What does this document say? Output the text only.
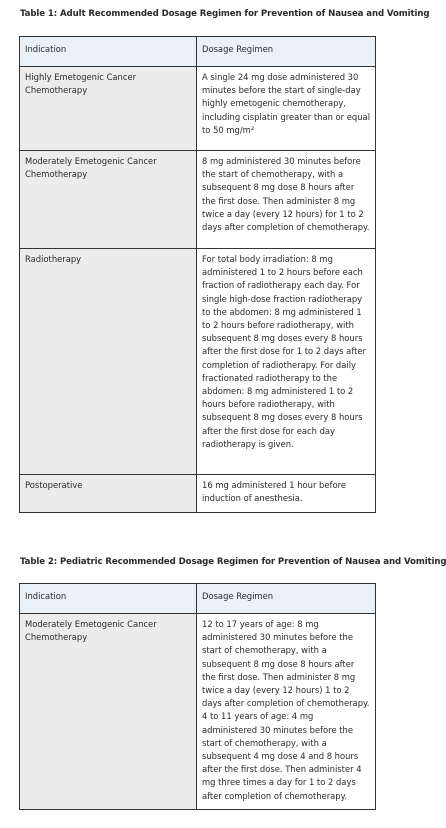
Table 1: Adult Recommended Dosage Regimen for Prevention of Nausea and Vomiting
Indication	Dosage Regimen
Highly Emetogenic Cancer Chemotherapy	A single 24 mg dose administered 30 minutes before the start of single-day highly emetogenic chemotherapy, including cisplatin greater than or equal to 50 mg/m²
Moderately Emetogenic Cancer Chemotherapy	8 mg administered 30 minutes before the start of chemotherapy, with a subsequent 8 mg dose 8 hours after the first dose. Then administer 8 mg twice a day (every 12 hours) for 1 to 2 days after completion of chemotherapy.
Radiotherapy	For total body irradiation: 8 mg administered 1 to 2 hours before each fraction of radiotherapy each day. For single high-dose fraction radiotherapy to the abdomen: 8 mg administered 1 to 2 hours before radiotherapy, with subsequent 8 mg doses every 8 hours after the first dose for 1 to 2 days after completion of radiotherapy. For daily fractionated radiotherapy to the abdomen: 8 mg administered 1 to 2 hours before radiotherapy, with subsequent 8 mg doses every 8 hours after the first dose for each day radiotherapy is given.
Postoperative	16 mg administered 1 hour before induction of anesthesia.
Table 2: Pediatric Recommended Dosage Regimen for Prevention of Nausea and Vomiting
Indication	Dosage Regimen
Moderately Emetogenic Cancer Chemotherapy	12 to 17 years of age: 8 mg administered 30 minutes before the start of chemotherapy, with a subsequent 8 mg dose 8 hours after the first dose. Then administer 8 mg twice a day (every 12 hours) 1 to 2 days after completion of chemotherapy. 4 to 11 years of age: 4 mg administered 30 minutes before the start of chemotherapy, with a subsequent 4 mg dose 4 and 8 hours after the first dose. Then administer 4 mg three times a day for 1 to 2 days after completion of chemotherapy.
